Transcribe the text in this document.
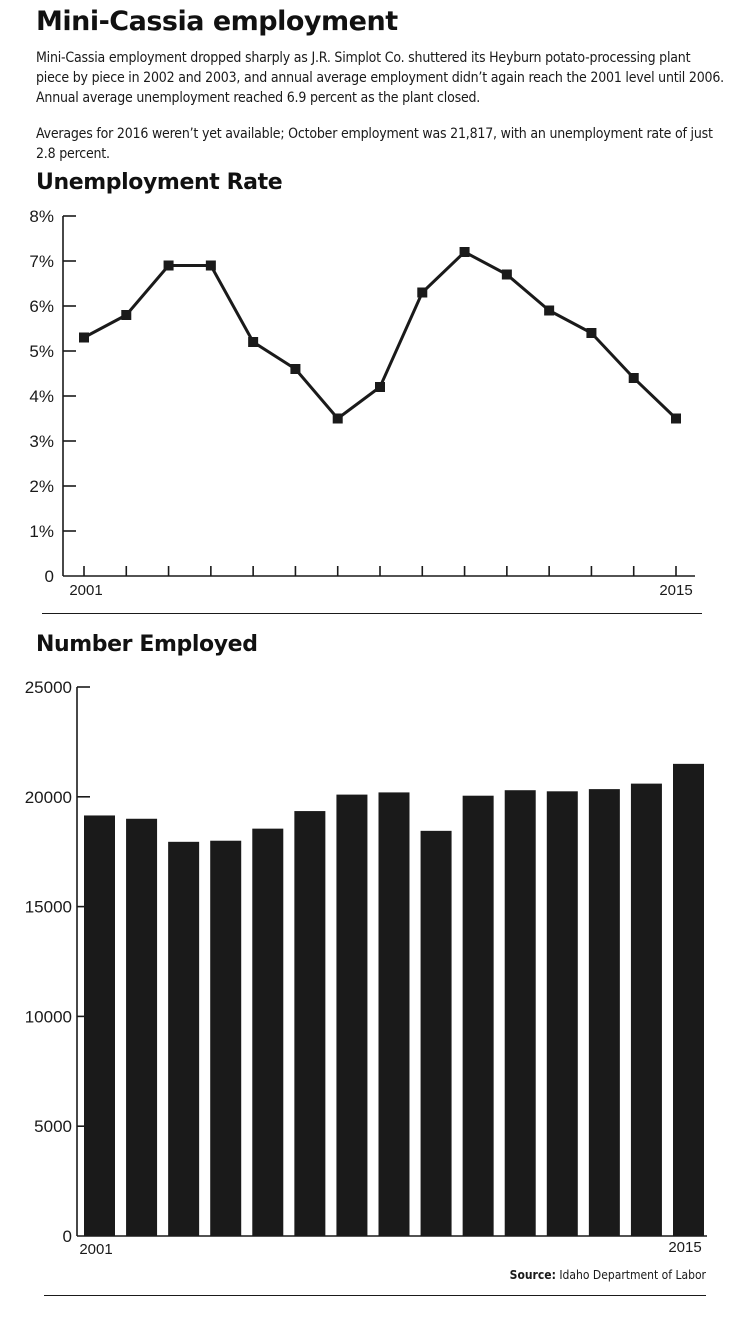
Mini-Cassia employment

Mini-Cassia employment dropped sharply as J.R. Simplot Co. shuttered its Heyburn potato-processing plant piece by piece in 2002 and 2003, and annual average employment didn’t again reach the 2001 level until 2006. Annual average unemployment reached 6.9 percent as the plant closed.

Averages for 2016 weren’t yet available; October employment was 21,817, with an unemployment rate of just 2.8 percent.

Unemployment Rate
0
1%
2%
3%
4%
5%
6%
7%
8%
2001	2015
Number Employed
0
5000
10000
15000
20000
25000
2001	2015

Source: Idaho Department of Labor
